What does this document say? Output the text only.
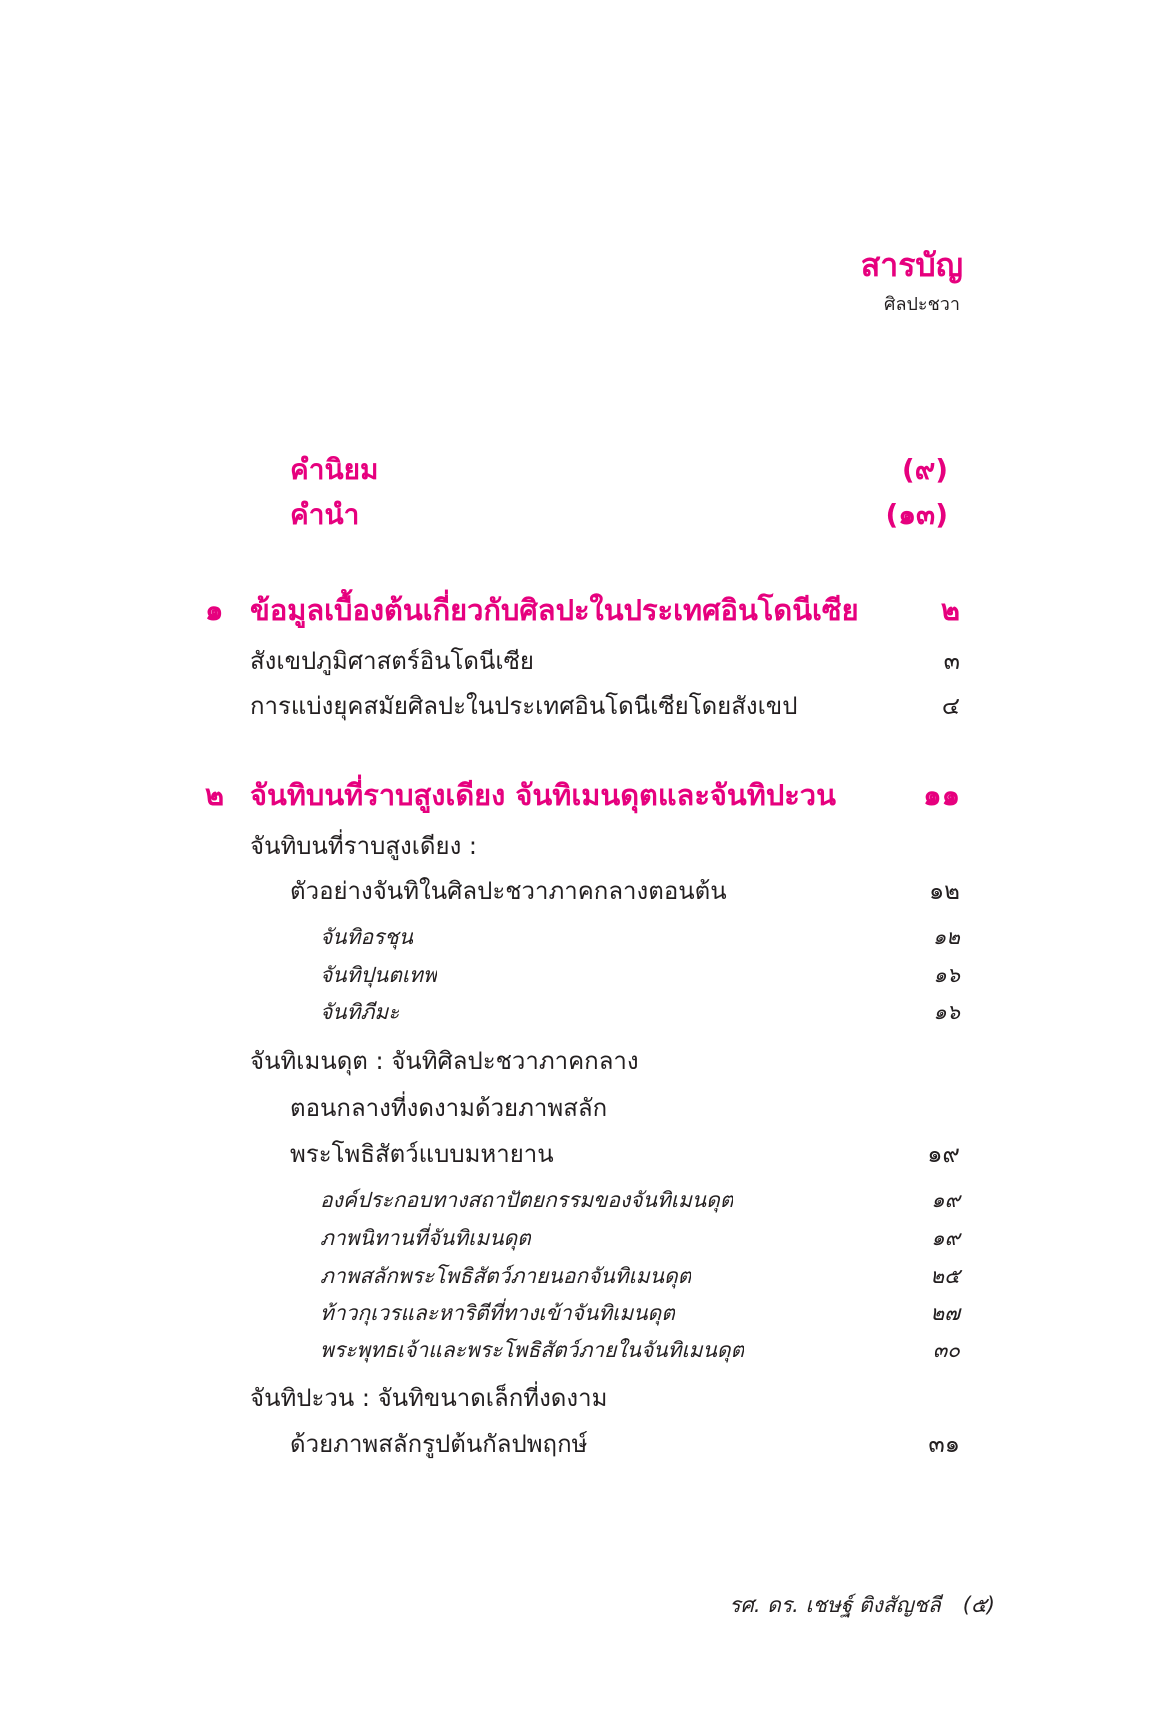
สารบัญ
ศิลปะชวา
คำนิยม	(๙)
คำนำ	(๑๓)
๑ ข้อมูลเบื้องต้นเกี่ยวกับศิลปะในประเทศอินโดนีเซีย	๒
สังเขปภูมิศาสตร์อินโดนีเซีย	๓
การแบ่งยุคสมัยศิลปะในประเทศอินโดนีเซียโดยสังเขป	๔
๒ จันทิบนที่ราบสูงเดียง จันทิเมนดุตและจันทิปะวน	๑๑
จันทิบนที่ราบสูงเดียง :
ตัวอย่างจันทิในศิลปะชวาภาคกลางตอนต้น	๑๒
จันทิอรชุน	๑๒
จันทิปุนตเทพ	๑๖
จันทิภีมะ	๑๖
จันทิเมนดุต : จันทิศิลปะชวาภาคกลาง
ตอนกลางที่งดงามด้วยภาพสลัก
พระโพธิสัตว์แบบมหายาน	๑๙
องค์ประกอบทางสถาปัตยกรรมของจันทิเมนดุต	๑๙
ภาพนิทานที่จันทิเมนดุต	๑๙
ภาพสลักพระโพธิสัตว์ภายนอกจันทิเมนดุต	๒๕
ท้าวกุเวรและหาริตีที่ทางเข้าจันทิเมนดุต	๒๗
พระพุทธเจ้าและพระโพธิสัตว์ภายในจันทิเมนดุต	๓๐
จันทิปะวน : จันทิขนาดเล็กที่งดงาม
ด้วยภาพสลักรูปต้นกัลปพฤกษ์	๓๑
รศ. ดร. เชษฐ์ ติงสัญชลี (๕)
